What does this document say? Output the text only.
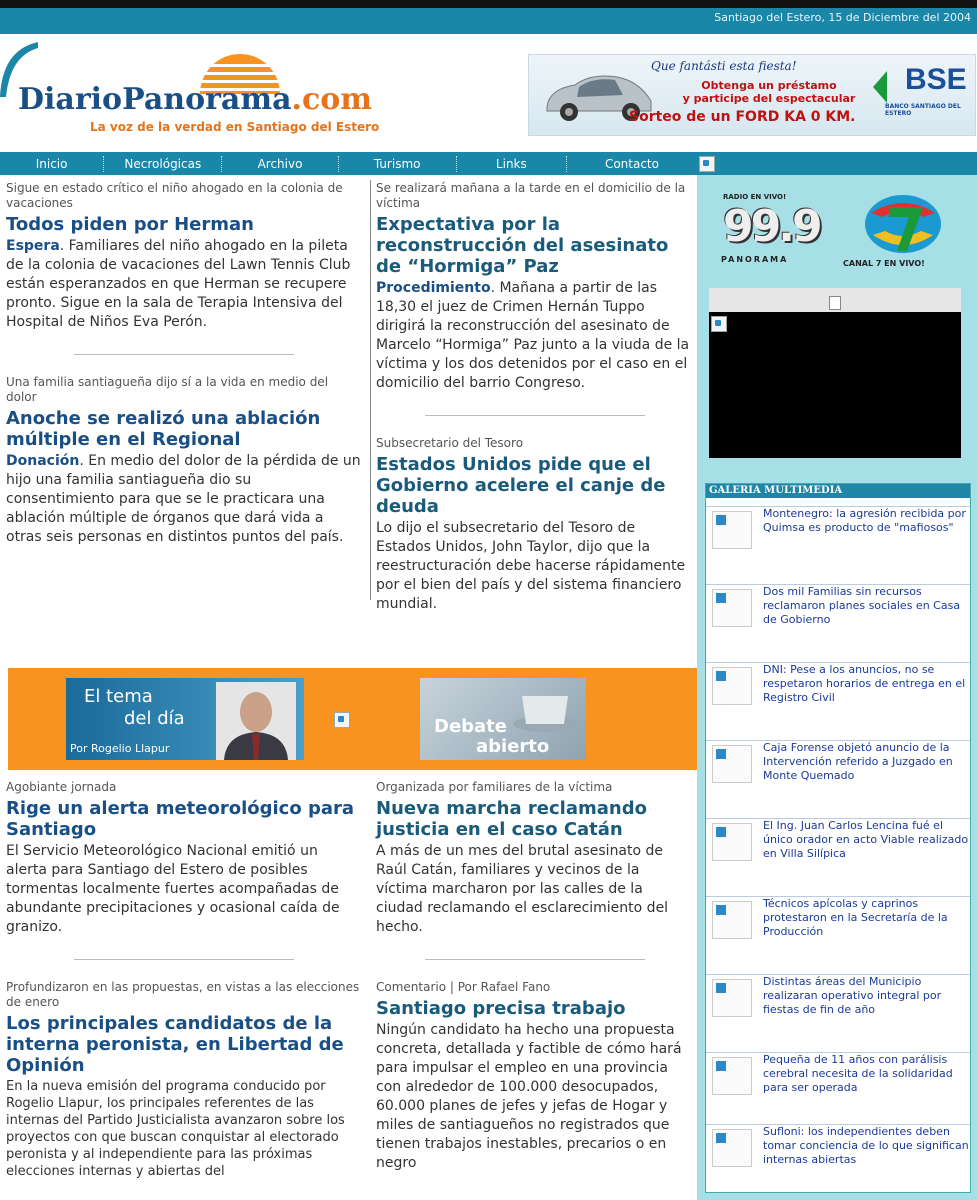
Santiago del Estero, 15 de Diciembre del 2004
DiarioPanorama.com
La voz de la verdad en Santiago del Estero
Que fantásti esta fiesta!
Obtenga un préstamo
y participe del espectacular
Sorteo de un FORD KA 0 KM.
BSE
BANCO SANTIAGO DEL ESTERO
Inicio	Necrológicas	Archivo	Turismo	Links	Contacto
Sigue en estado crítico el niño ahogado en la colonia de vacaciones
Todos piden por Herman
Espera. Familiares del niño ahogado en la pileta de la colonia de vacaciones del Lawn Tennis Club están esperanzados en que Herman se recupere pronto. Sigue en la sala de Terapia Intensiva del Hospital de Niños Eva Perón.
Una familia santiagueña dijo sí a la vida en medio del dolor
Anoche se realizó una ablación múltiple en el Regional
Donación. En medio del dolor de la pérdida de un hijo una familia santiagueña dio su consentimiento para que se le practicara una ablación múltiple de órganos que dará vida a otras seis personas en distintos puntos del país.
Se realizará mañana a la tarde en el domicilio de la víctima
Expectativa por la reconstrucción del asesinato de “Hormiga” Paz
Procedimiento. Mañana a partir de las 18,30 el juez de Crimen Hernán Tuppo dirigirá la reconstrucción del asesinato de Marcelo “Hormiga” Paz junto a la viuda de la víctima y los dos detenidos por el caso en el domicilio del barrio Congreso.
Subsecretario del Tesoro
Estados Unidos pide que el Gobierno acelere el canje de deuda
Lo dijo el subsecretario del Tesoro de Estados Unidos, John Taylor, dijo que la reestructuración debe hacerse rápidamente por el bien del país y del sistema financiero mundial.
El tema
del día
Por Rogelio Llapur
Debate
abierto
Agobiante jornada
Rige un alerta meteorológico para Santiago
El Servicio Meteorológico Nacional emitió un alerta para Santiago del Estero de posibles tormentas localmente fuertes acompañadas de abundante precipitaciones y ocasional caída de granizo.
Profundizaron en las propuestas, en vistas a las elecciones de enero
Los principales candidatos de la interna peronista, en Libertad de Opinión
En la nueva emisión del programa conducido por Rogelio Llapur, los principales referentes de las internas del Partido Justicialista avanzaron sobre los proyectos con que buscan conquistar al electorado peronista y al independiente para las próximas elecciones internas y abiertas del
Organizada por familiares de la víctima
Nueva marcha reclamando justicia en el caso Catán
A más de un mes del brutal asesinato de Raúl Catán, familiares y vecinos de la víctima marcharon por las calles de la ciudad reclamando el esclarecimiento del hecho.
Comentario | Por Rafael Fano
Santiago precisa trabajo
Ningún candidato ha hecho una propuesta concreta, detallada y factible de cómo hará para impulsar el empleo en una provincia con alrededor de 100.000 desocupados, 60.000 planes de jefes y jefas de Hogar y miles de santiagueños no registrados que tienen trabajos inestables, precarios o en negro
RADIO EN VIVO!
99.9
PANORAMA	CANAL 7 EN VIVO!
GALERIA MULTIMEDIA
Montenegro: la agresión recibida por Quimsa es producto de "mafiosos"
Dos mil Familias sin recursos reclamaron planes sociales en Casa de Gobierno
DNI: Pese a los anuncios, no se respetaron horarios de entrega en el Registro Civil
Caja Forense objetó anuncio de la Intervención referido a Juzgado en Monte Quemado
El Ing. Juan Carlos Lencina fué el único orador en acto Viable realizado en Villa Silípica
Técnicos apícolas y caprinos protestaron en la Secretaría de la Producción
Distintas áreas del Municipio realizaran operativo integral por fiestas de fin de año
Pequeña de 11 años con parálisis cerebral necesita de la solidaridad para ser operada
Sufloni: los independientes deben tomar conciencia de lo que significan internas abiertas
